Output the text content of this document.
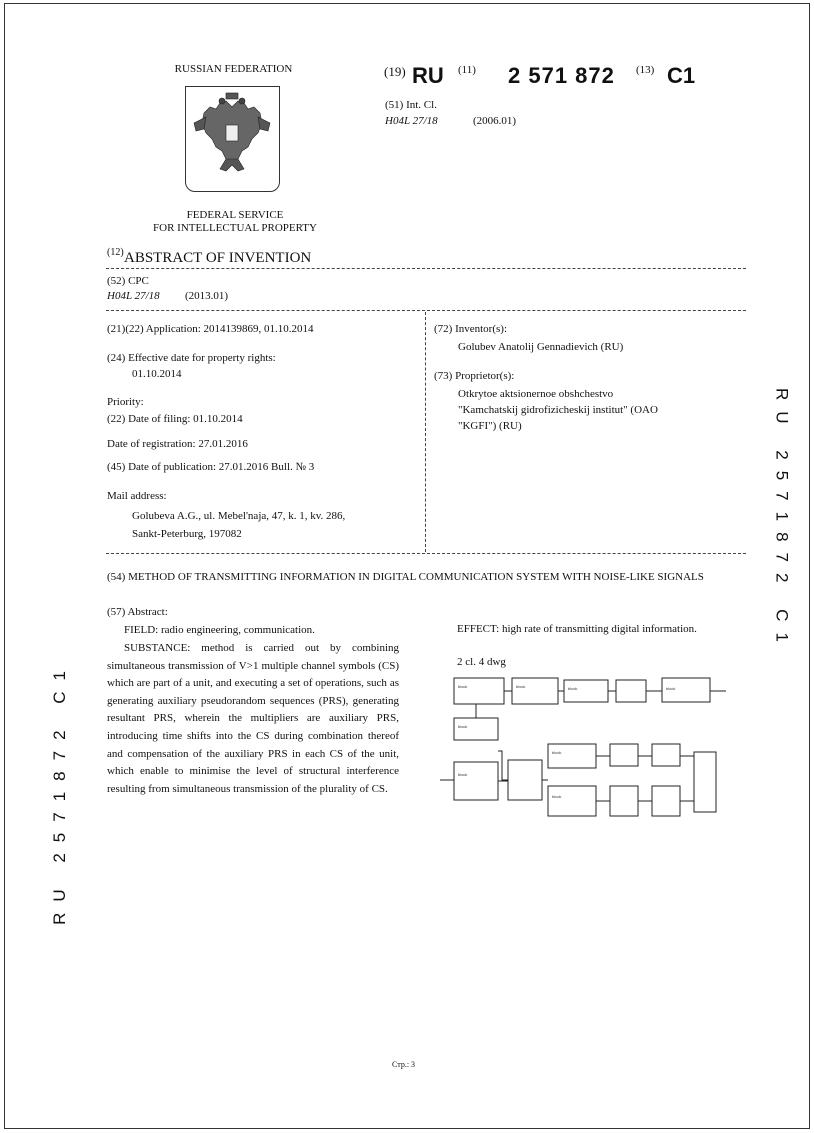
RUSSIAN FEDERATION
FEDERAL SERVICE
FOR INTELLECTUAL PROPERTY
(19) RU (11) 2 571 872 (13) C1
(51) Int. Cl.
H04L 27/18	(2006.01)
(12) ABSTRACT OF INVENTION
(52) CPC
H04L 27/18 (2013.01)
(21)(22) Application: 2014139869, 01.10.2014
(24) Effective date for property rights:
01.10.2014
Priority:
(22) Date of filing: 01.10.2014
Date of registration: 27.01.2016
(45) Date of publication: 27.01.2016 Bull. № 3
Mail address:
Golubeva A.G., ul. Mebel'naja, 47, k. 1, kv. 286,
Sankt-Peterburg, 197082
(72) Inventor(s):
Golubev Anatolij Gennadievich (RU)
(73) Proprietor(s):
Otkrytoe aktsionernoe obshchestvo
"Kamchatskij gidrofizicheskij institut" (OAO
"KGFI") (RU)
(54) METHOD OF TRANSMITTING INFORMATION IN DIGITAL COMMUNICATION SYSTEM WITH NOISE-LIKE SIGNALS
(57) Abstract:
FIELD: radio engineering, communication.
SUBSTANCE: method is carried out by combining simultaneous transmission of V>1 multiple channel symbols (CS) which are part of a unit, and executing a set of operations, such as generating auxiliary pseudorandom sequences (PRS), generating resultant PRS, wherein the multipliers are auxiliary PRS, introducing time shifts into the CS during combination thereof and compensation of the auxiliary PRS in each CS of the unit, which enable to minimise the level of structural interference resulting from simultaneous transmission of the plurality of CS.
EFFECT: high rate of transmitting digital information.
2 cl. 4 dwg
block	block	block	block
block
block
block
block
RU 2571872 C1
RU 2571872 C1
Стр.: 3
